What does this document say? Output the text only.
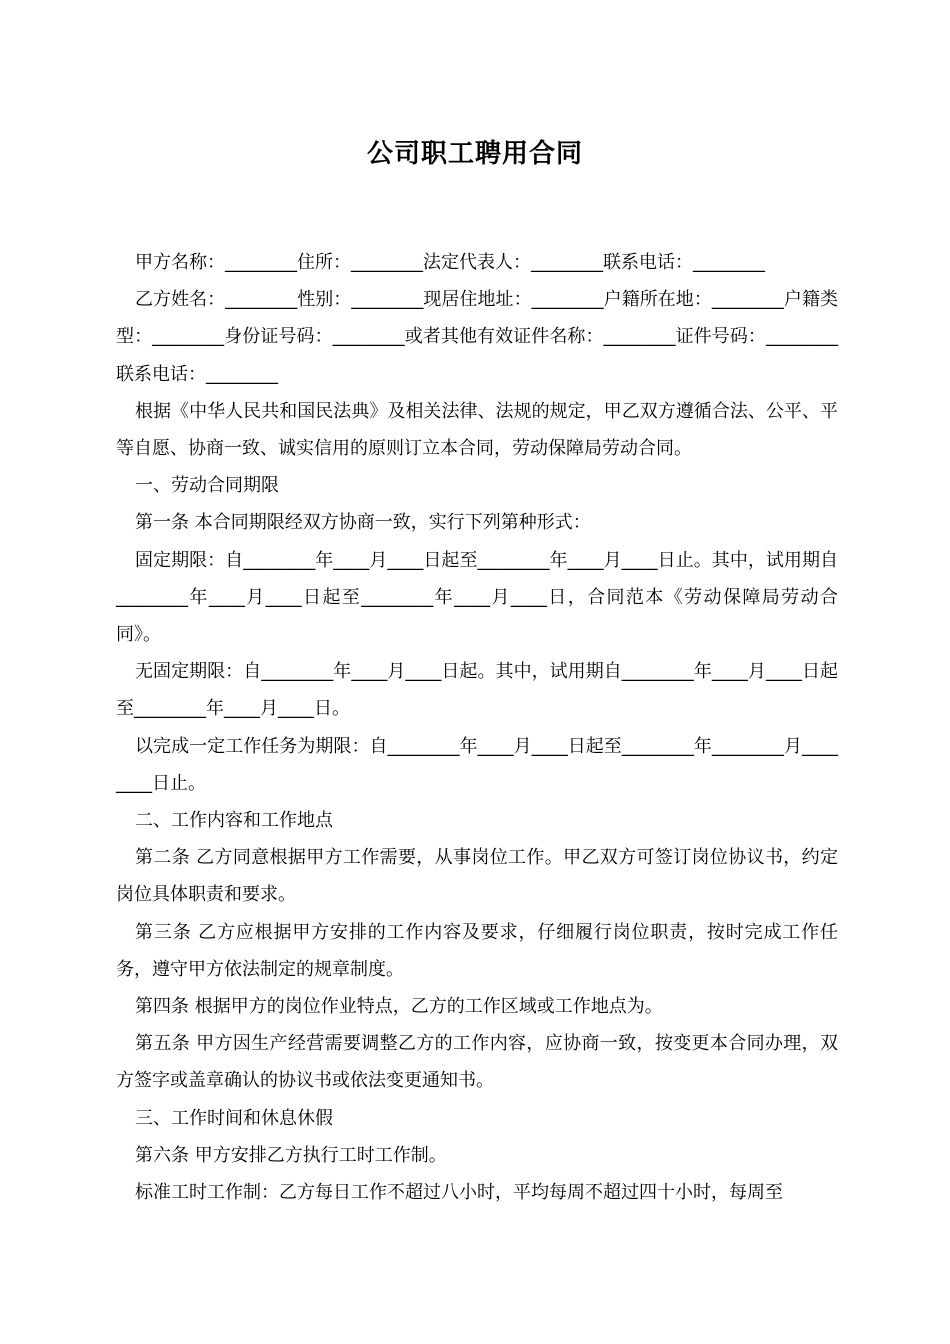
公司职工聘用合同

甲方名称：________住所：________法定代表人：________联系电话：________

乙方姓名：________性别：________现居住地址：________户籍所在地：________户籍类型：________身份证号码：________或者其他有效证件名称：________证件号码：________联系电话：________

根据《中华人民共和国民法典》及相关法律、法规的规定，甲乙双方遵循合法、公平、平等自愿、协商一致、诚实信用的原则订立本合同，劳动保障局劳动合同。

一、劳动合同期限

第一条 本合同期限经双方协商一致，实行下列第种形式：

固定期限：自________年____月____日起至________年____月____日止。其中，试用期自________年____月____日起至________年____月____日，合同范本《劳动保障局劳动合同》。

无固定期限：自________年____月____日起。其中，试用期自________年____月____日起至________年____月____日。

以完成一定工作任务为期限：自________年____月____日起至________年________月________日止。

二、工作内容和工作地点

第二条 乙方同意根据甲方工作需要，从事岗位工作。甲乙双方可签订岗位协议书，约定岗位具体职责和要求。

第三条 乙方应根据甲方安排的工作内容及要求，仔细履行岗位职责，按时完成工作任务，遵守甲方依法制定的规章制度。

第四条 根据甲方的岗位作业特点，乙方的工作区域或工作地点为。

第五条 甲方因生产经营需要调整乙方的工作内容，应协商一致，按变更本合同办理，双方签字或盖章确认的协议书或依法变更通知书。

三、工作时间和休息休假

第六条 甲方安排乙方执行工时工作制。

标准工时工作制：乙方每日工作不超过八小时，平均每周不超过四十小时，每周至
